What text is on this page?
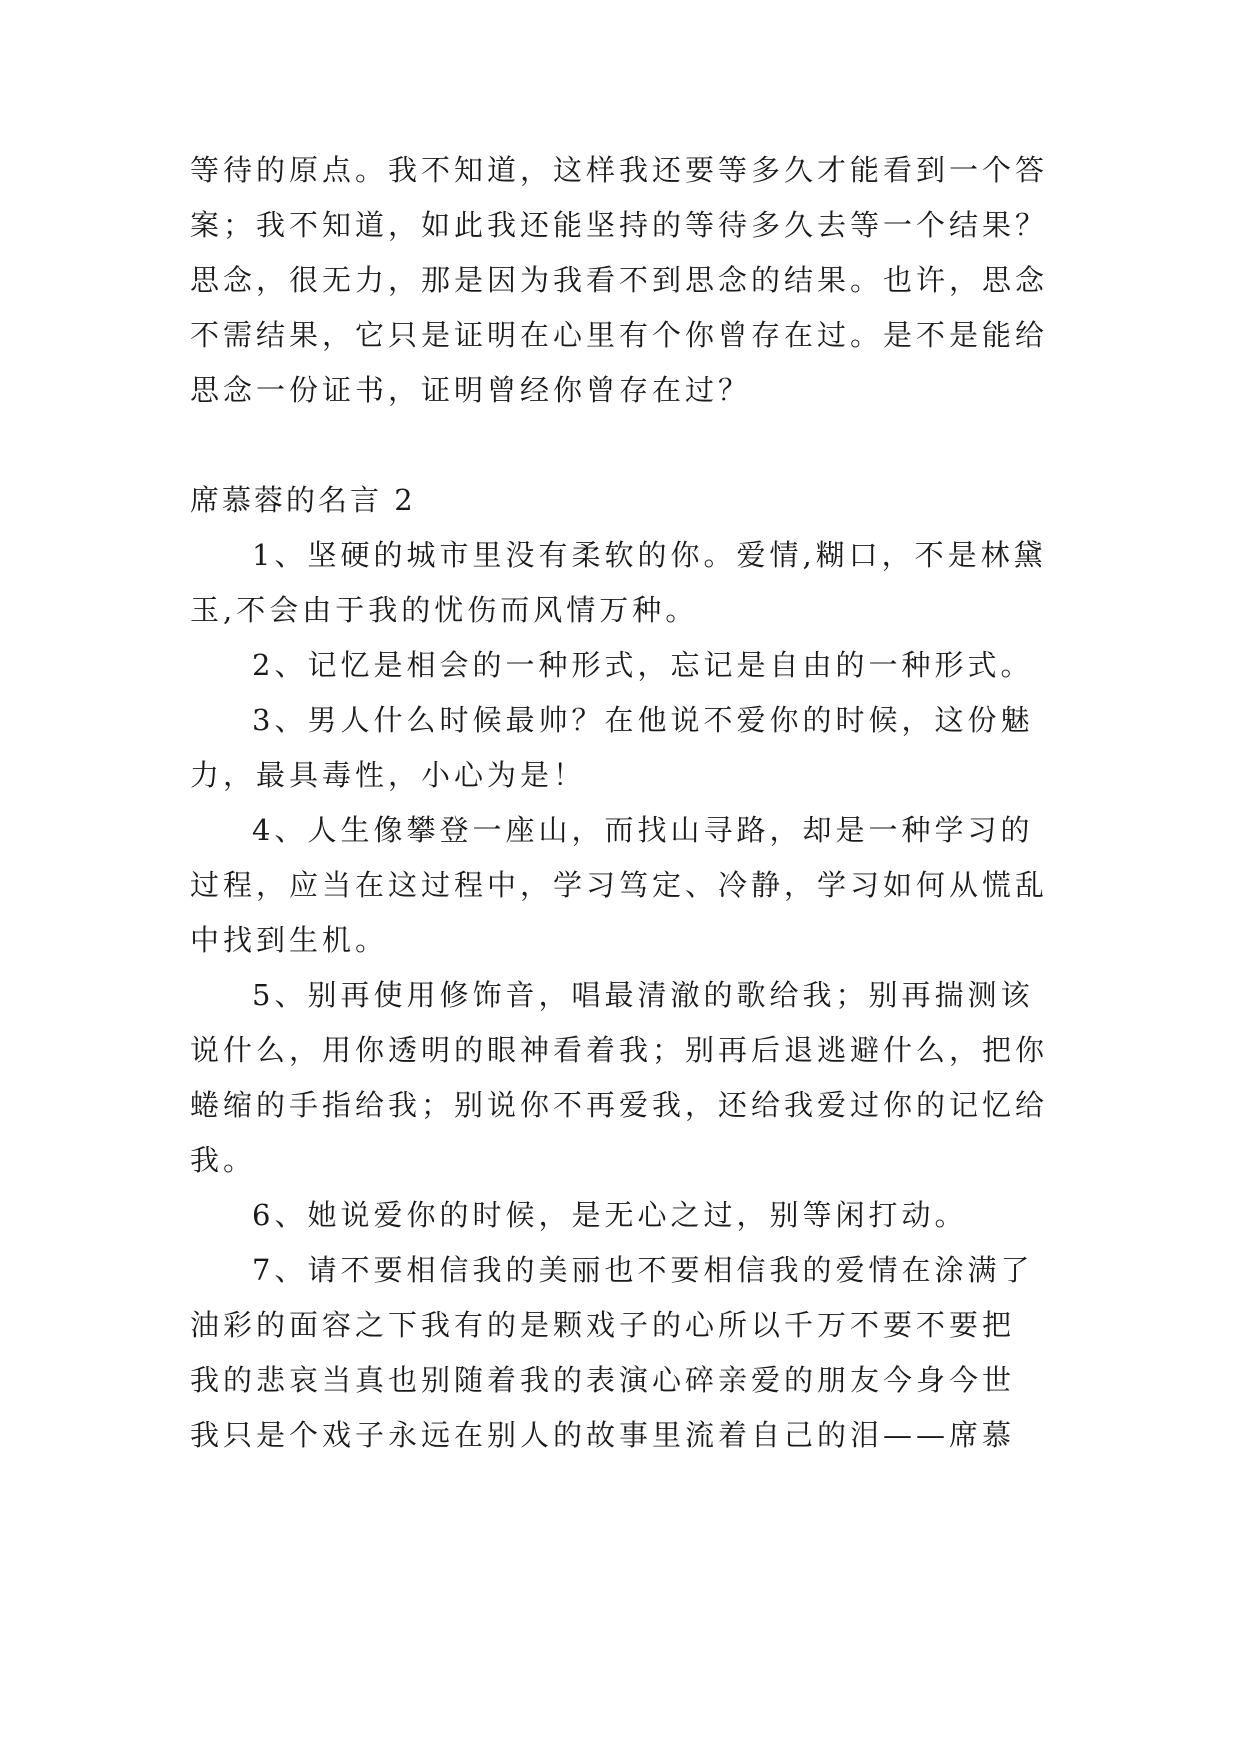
等待的原点。我不知道，这样我还要等多久才能看到一个答
案；我不知道，如此我还能坚持的等待多久去等一个结果？
思念，很无力，那是因为我看不到思念的结果。也许，思念
不需结果，它只是证明在心里有个你曾存在过。是不是能给
思念一份证书，证明曾经你曾存在过？
席慕蓉的名言 2
1、坚硬的城市里没有柔软的你。爱情,糊口，不是林黛
玉,不会由于我的忧伤而风情万种。
2、记忆是相会的一种形式，忘记是自由的一种形式。
3、男人什么时候最帅？在他说不爱你的时候，这份魅
力，最具毒性，小心为是！
4、人生像攀登一座山，而找山寻路，却是一种学习的
过程，应当在这过程中，学习笃定、冷静，学习如何从慌乱
中找到生机。
5、别再使用修饰音，唱最清澈的歌给我；别再揣测该
说什么，用你透明的眼神看着我；别再后退逃避什么，把你
蜷缩的手指给我；别说你不再爱我，还给我爱过你的记忆给
我。
6、她说爱你的时候，是无心之过，别等闲打动。
7、请不要相信我的美丽也不要相信我的爱情在涂满了
油彩的面容之下我有的是颗戏子的心所以千万不要不要把
我的悲哀当真也别随着我的表演心碎亲爱的朋友今身今世
我只是个戏子永远在别人的故事里流着自己的泪——席慕
